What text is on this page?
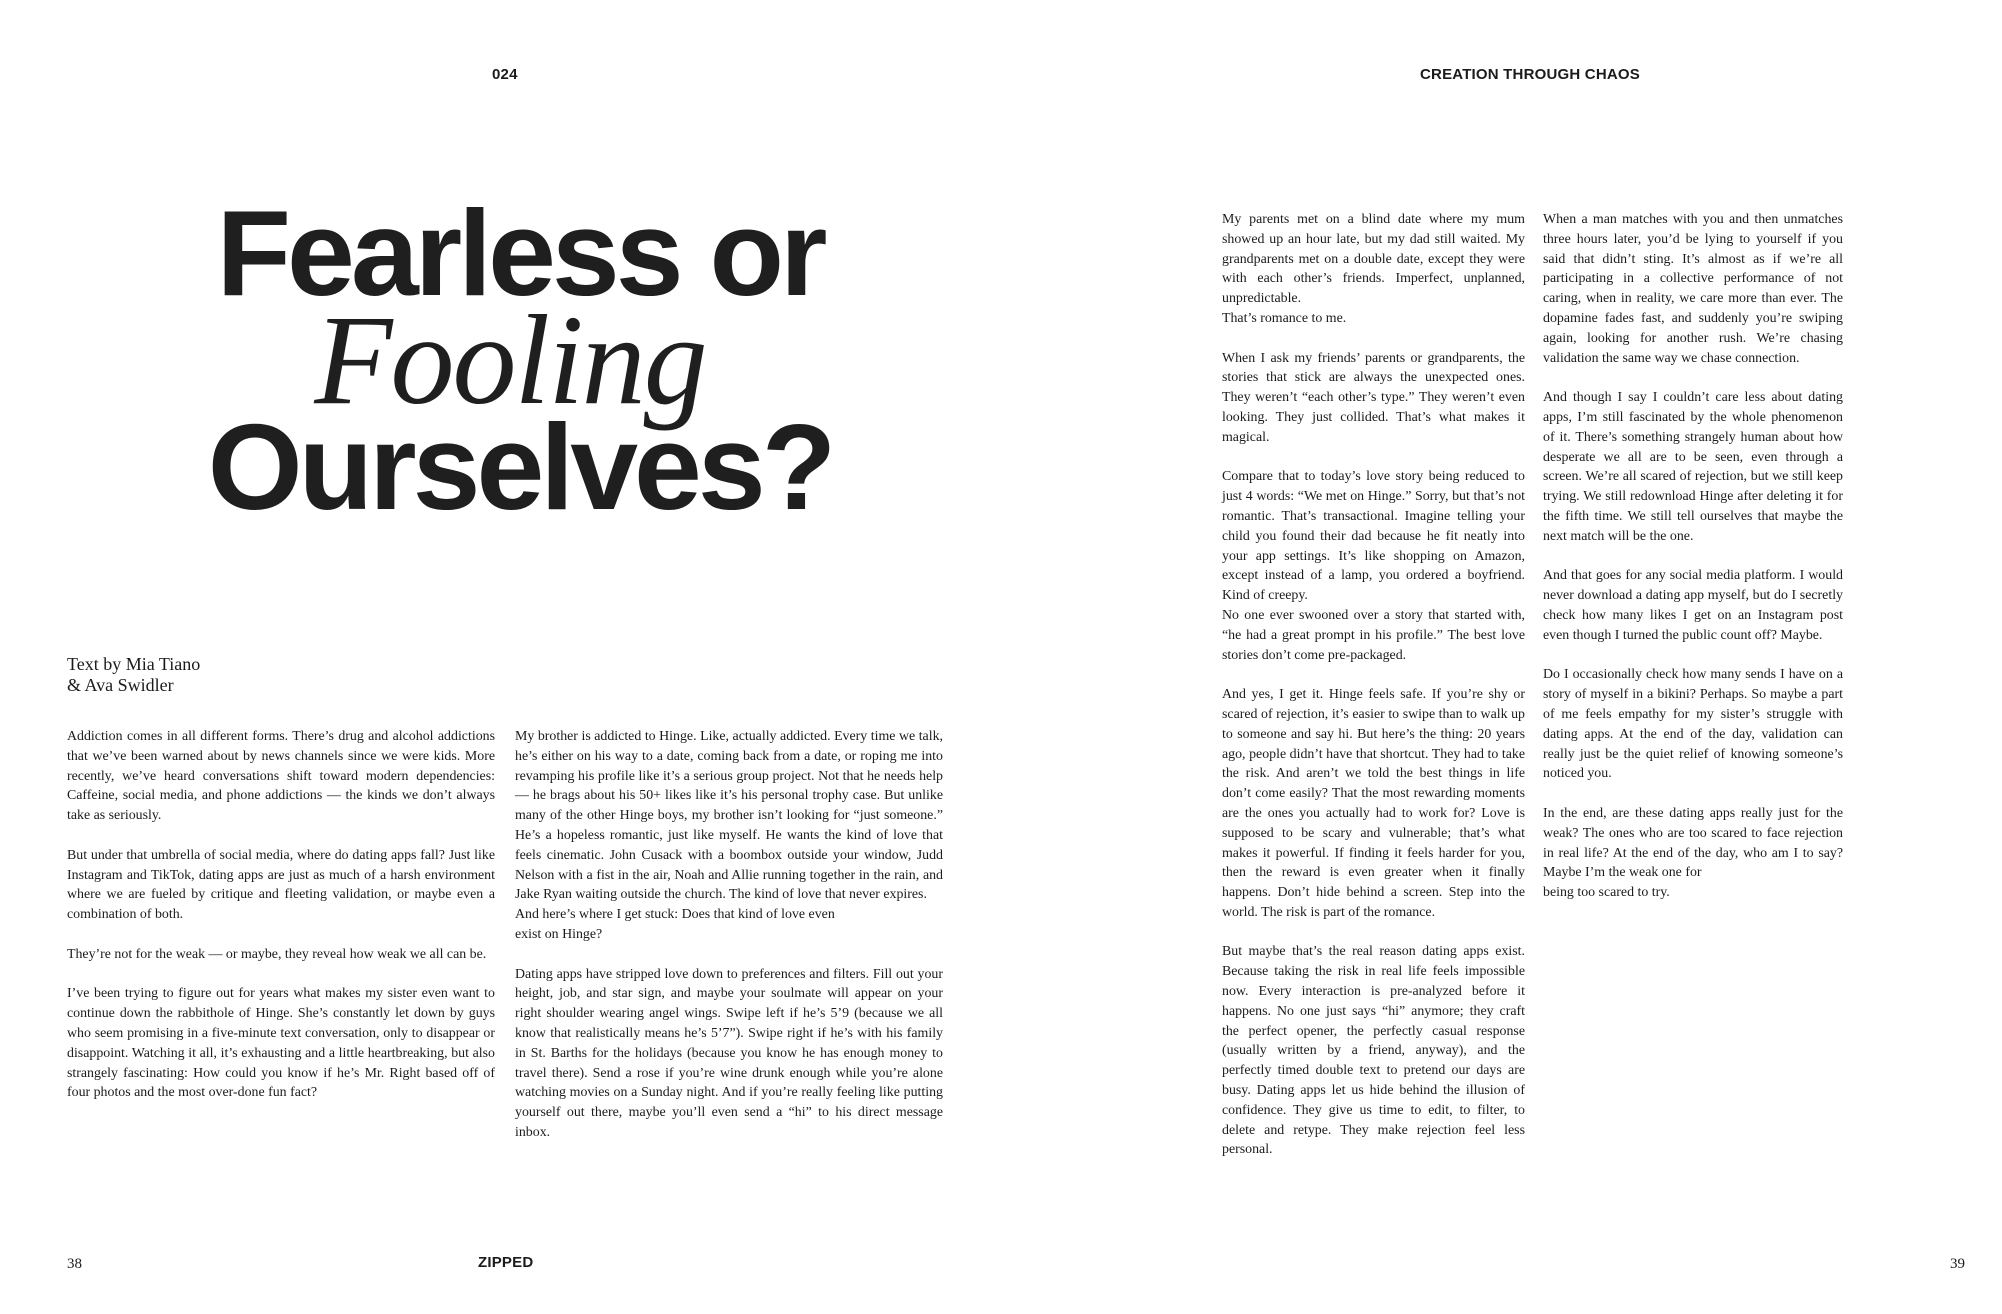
024	CREATION THROUGH CHAOS
Fearless or
Fooling
Ourselves?
Text by Mia Tiano
& Ava Swidler

Addiction comes in all different forms. There’s drug and alcohol addictions that we’ve been warned about by news channels since we were kids. More recently, we’ve heard conversations shift toward modern dependencies: Caffeine, social media, and phone addictions — the kinds we don’t always take as seriously.

But under that umbrella of social media, where do dating apps fall? Just like Instagram and TikTok, dating apps are just as much of a harsh environment where we are fueled by critique and fleeting validation, or maybe even a combination of both.

They’re not for the weak — or maybe, they reveal how weak we all can be.

I’ve been trying to figure out for years what makes my sister even want to continue down the rabbithole of Hinge. She’s constantly let down by guys who seem promising in a five-minute text conversation, only to disappear or disappoint. Watching it all, it’s exhausting and a little heartbreaking, but also strangely fascinating: How could you know if he’s Mr. Right based off of four photos and the most over-done fun fact?

My brother is addicted to Hinge. Like, actually addicted. Every time we talk, he’s either on his way to a date, coming back from a date, or roping me into revamping his profile like it’s a serious group project. Not that he needs help — he brags about his 50+ likes like it’s his personal trophy case. But unlike many of the other Hinge boys, my brother isn’t looking for “just someone.” He’s a hopeless romantic, just like myself. He wants the kind of love that feels cinematic. John Cusack with a boombox outside your window, Judd Nelson with a fist in the air, Noah and Allie running together in the rain, and Jake Ryan waiting outside the church. The kind of love that never expires.
And here’s where I get stuck: Does that kind of love even

exist on Hinge?

Dating apps have stripped love down to preferences and filters. Fill out your height, job, and star sign, and maybe your soulmate will appear on your right shoulder wearing angel wings. Swipe left if he’s 5’9 (because we all know that realistically means he’s 5’7”). Swipe right if he’s with his family in St. Barths for the holidays (because you know he has enough money to travel there). Send a rose if you’re wine drunk enough while you’re alone watching movies on a Sunday night. And if you’re really feeling like putting yourself out there, maybe you’ll even send a “hi” to his direct message inbox.

My parents met on a blind date where my mum showed up an hour late, but my dad still waited. My grandparents met on a double date, except they were with each other’s friends. Imperfect, unplanned, unpredictable.

That’s romance to me.

When I ask my friends’ parents or grandparents, the stories that stick are always the unexpected ones. They weren’t “each other’s type.” They weren’t even looking. They just collided. That’s what makes it magical.

Compare that to today’s love story being reduced to just 4 words: “We met on Hinge.” Sorry, but that’s not romantic. That’s transactional. Imagine telling your child you found their dad because he fit neatly into your app settings. It’s like shopping on Amazon, except instead of a lamp, you ordered a boyfriend. Kind of creepy.

No one ever swooned over a story that started with, “he had a great prompt in his profile.” The best love stories don’t come pre-packaged.

And yes, I get it. Hinge feels safe. If you’re shy or scared of rejection, it’s easier to swipe than to walk up to someone and say hi. But here’s the thing: 20 years ago, people didn’t have that shortcut. They had to take the risk. And aren’t we told the best things in life don’t come easily? That the most rewarding moments are the ones you actually had to work for? Love is supposed to be scary and vulnerable; that’s what makes it powerful. If finding it feels harder for you, then the reward is even greater when it finally happens. Don’t hide behind a screen. Step into the world. The risk is part of the romance.

But maybe that’s the real reason dating apps exist. Because taking the risk in real life feels impossible now. Every interaction is pre-analyzed before it happens. No one just says “hi” anymore; they craft the perfect opener, the perfectly casual response (usually written by a friend, anyway), and the perfectly timed double text to pretend our days are busy. Dating apps let us hide behind the illusion of confidence. They give us time to edit, to filter, to delete and retype. They make rejection feel less personal.

When a man matches with you and then unmatches three hours later, you’d be lying to yourself if you said that didn’t sting. It’s almost as if we’re all participating in a collective performance of not caring, when in reality, we care more than ever. The dopamine fades fast, and suddenly you’re swiping again, looking for another rush. We’re chasing validation the same way we chase connection.

And though I say I couldn’t care less about dating apps, I’m still fascinated by the whole phenomenon of it. There’s something strangely human about how desperate we all are to be seen, even through a screen. We’re all scared of rejection, but we still keep trying. We still redownload Hinge after deleting it for the fifth time. We still tell ourselves that maybe the next match will be the one.

And that goes for any social media platform. I would never download a dating app myself, but do I secretly check how many likes I get on an Instagram post even though I turned the public count off? Maybe.

Do I occasionally check how many sends I have on a story of myself in a bikini? Perhaps. So maybe a part of me feels empathy for my sister’s struggle with dating apps. At the end of the day, validation can really just be the quiet relief of knowing someone’s noticed you.

In the end, are these dating apps really just for the weak? The ones who are too scared to face rejection in real life? At the end of the day, who am I to say? Maybe I’m the weak one for
being too scared to try.
38	ZIPPED	39
